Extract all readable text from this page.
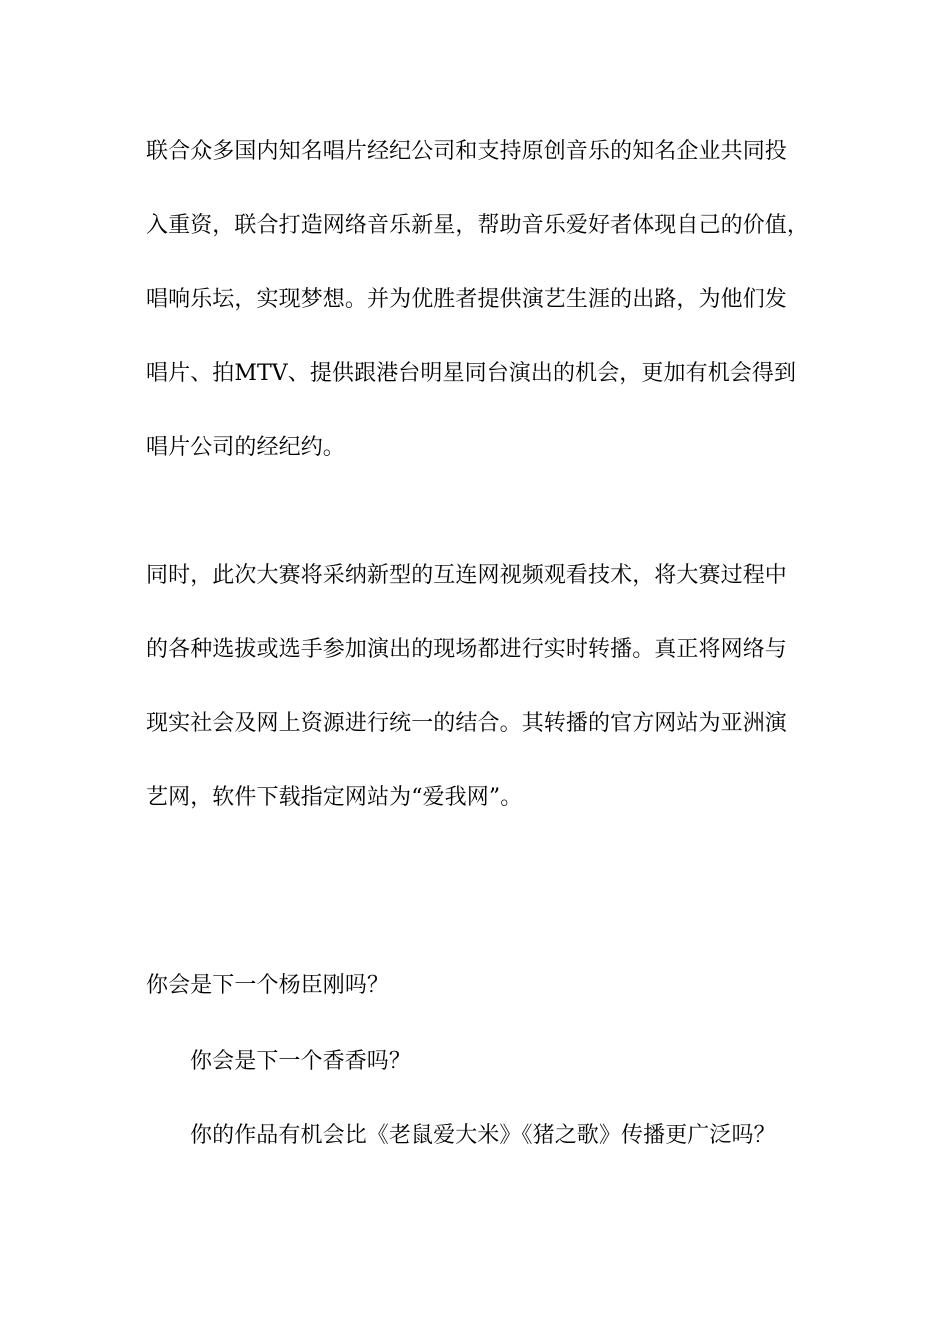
联合众多国内知名唱片经纪公司和支持原创音乐的知名企业共同投
入重资，联合打造网络音乐新星，帮助音乐爱好者体现自己的价值，
唱响乐坛，实现梦想。并为优胜者提供演艺生涯的出路，为他们发
唱片、拍MTV、提供跟港台明星同台演出的机会，更加有机会得到
唱片公司的经纪约。
同时，此次大赛将采纳新型的互连网视频观看技术，将大赛过程中
的各种选拔或选手参加演出的现场都进行实时转播。真正将网络与
现实社会及网上资源进行统一的结合。其转播的官方网站为亚洲演
艺网，软件下载指定网站为“爱我网”。
你会是下一个杨臣刚吗？
你会是下一个香香吗？
你的作品有机会比《老鼠爱大米》《猪之歌》传播更广泛吗？
